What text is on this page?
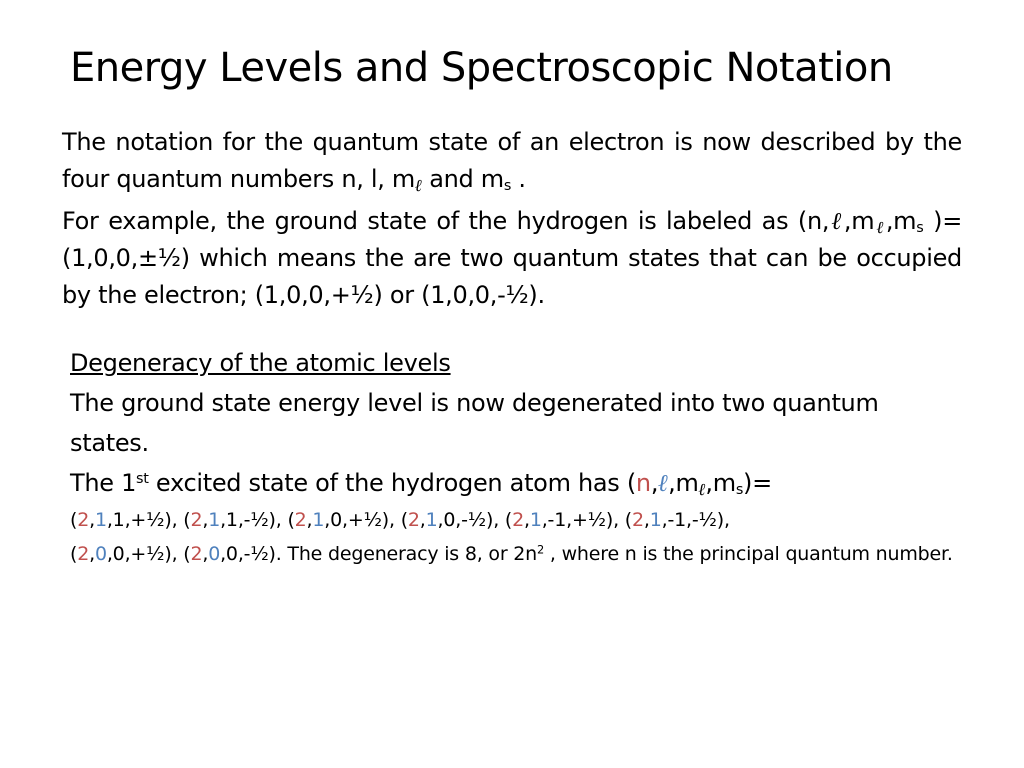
Energy Levels and Spectroscopic Notation

The notation for the quantum state of an electron is now described by the four quantum numbers n, l, mℓ and $m_s$ .

For example, the ground state of the hydrogen is labeled as ($n,\ell,m\ell,m_s$ )=(1,0,0,±½) which means the are two quantum states that can be occupied by the electron; (1,0,0,+½) or (1,0,0,-½).

Degeneracy of the atomic levels

The ground state energy level is now degenerated into two quantum states.

The 1st excited state of the hydrogen atom has $(n,\ell,m\ell,m_s)=$

(2,1,1,+½), (2,1,1,-½), (2,1,0,+½), (2,1,0,-½), (2,1,-1,+½), (2,1,-1,-½),
(2,0,0,+½), (2,0,0,-½). The degeneracy is 8, or $2n^2$ , where n is the principal quantum number.
